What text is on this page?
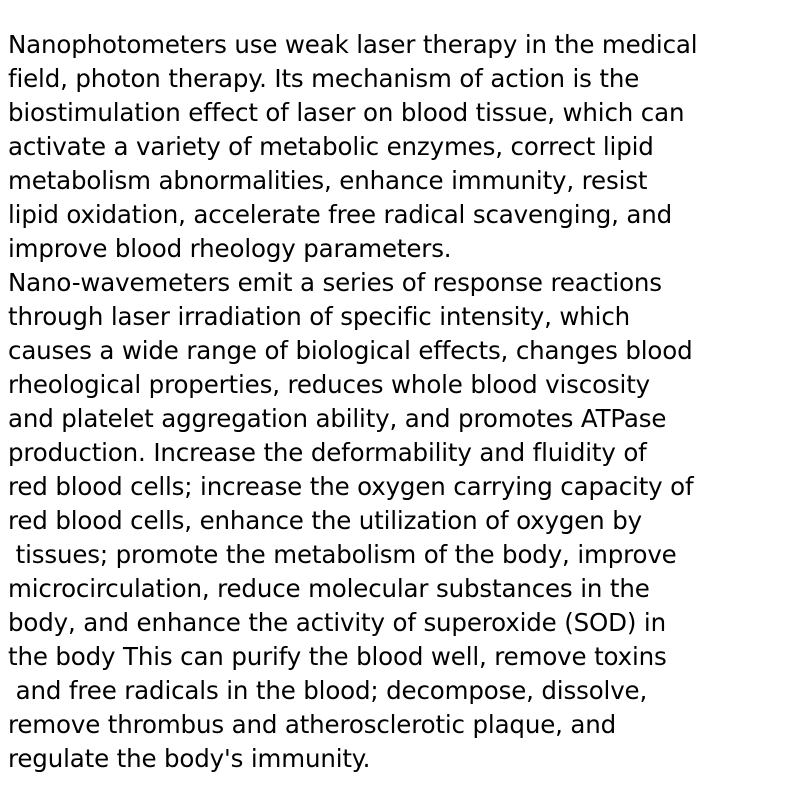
Nanophotometers use weak laser therapy in the medical
field, photon therapy. Its mechanism of action is the
biostimulation effect of laser on blood tissue, which can
activate a variety of metabolic enzymes, correct lipid
metabolism abnormalities, enhance immunity, resist
lipid oxidation, accelerate free radical scavenging, and
improve blood rheology parameters.
Nano-wavemeters emit a series of response reactions
through laser irradiation of specific intensity, which
causes a wide range of biological effects, changes blood
rheological properties, reduces whole blood viscosity
and platelet aggregation ability, and promotes ATPase
production. Increase the deformability and fluidity of
red blood cells; increase the oxygen carrying capacity of
red blood cells, enhance the utilization of oxygen by
tissues; promote the metabolism of the body, improve
microcirculation, reduce molecular substances in the
body, and enhance the activity of superoxide (SOD) in
the body This can purify the blood well, remove toxins
and free radicals in the blood; decompose, dissolve,
remove thrombus and atherosclerotic plaque, and
regulate the body's immunity.
